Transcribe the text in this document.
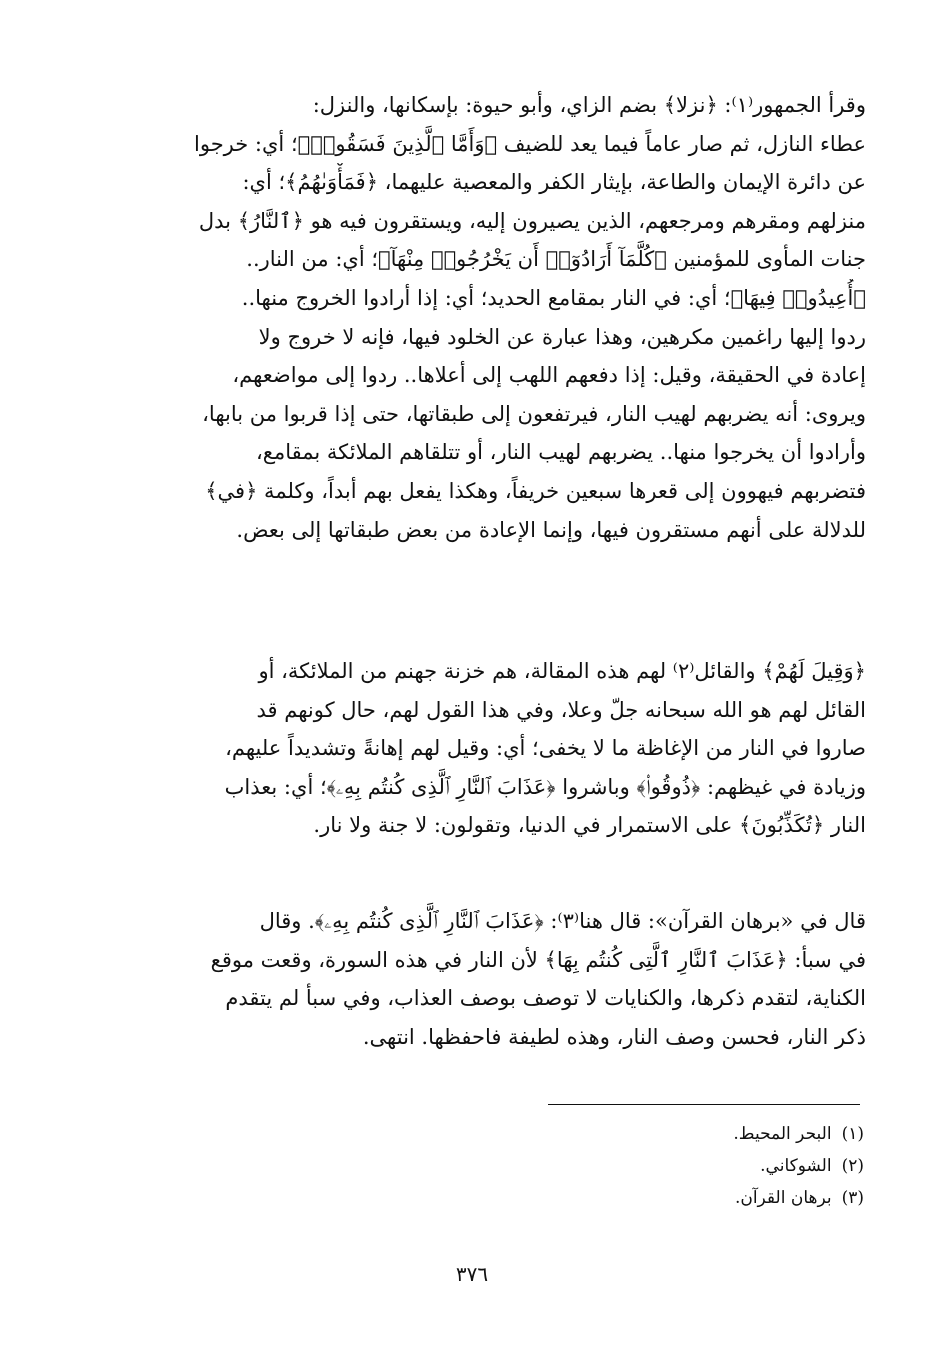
وقرأ الجمهور⁽١⁾: ﴿نزلا﴾ بضم الزاي، وأبو حيوة: بإسكانها، والنزل:
عطاء النازل، ثم صار عاماً فيما يعد للضيف ﴿وَأَمَّا ٱلَّذِينَ فَسَقُوا۟﴾؛ أي: خرجوا
عن دائرة الإيمان والطاعة، بإيثار الكفر والمعصية عليهما، ﴿فَمَأْوَىٰهُمُ﴾؛ أي:
منزلهم ومقرهم ومرجعهم، الذين يصيرون إليه، ويستقرون فيه هو ﴿ٱلنَّارُ﴾ بدل
جنات المأوى للمؤمنين ﴿كُلَّمَآ أَرَادُوٓا۟ أَن يَخْرُجُوا۟ مِنْهَآ﴾؛ أي: من النار..
﴿أُعِيدُوا۟ فِيهَا﴾؛ أي: في النار بمقامع الحديد؛ أي: إذا أرادوا الخروج منها..
ردوا إليها راغمين مكرهين، وهذا عبارة عن الخلود فيها، فإنه لا خروج ولا
إعادة في الحقيقة، وقيل: إذا دفعهم اللهب إلى أعلاها.. ردوا إلى مواضعهم،
ويروى: أنه يضربهم لهيب النار، فيرتفعون إلى طبقاتها، حتى إذا قربوا من بابها،
وأرادوا أن يخرجوا منها.. يضربهم لهيب النار، أو تتلقاهم الملائكة بمقامع،
فتضربهم فيهوون إلى قعرها سبعين خريفاً، وهكذا يفعل بهم أبداً، وكلمة ﴿في﴾
للدلالة على أنهم مستقرون فيها، وإنما الإعادة من بعض طبقاتها إلى بعض.
﴿وَقِيلَ لَهُمْ﴾ والقائل⁽٢⁾ لهم هذه المقالة، هم خزنة جهنم من الملائكة، أو
القائل لهم هو الله سبحانه جلّ وعلا، وفي هذا القول لهم، حال كونهم قد
صاروا في النار من الإغاظة ما لا يخفى؛ أي: وقيل لهم إهانةً وتشديداً عليهم،
وزيادة في غيظهم: ﴿ذُوقُوا۟﴾ وباشروا ﴿عَذَابَ ٱلنَّارِ ٱلَّذِى كُنتُم بِهِۦ﴾؛ أي: بعذاب
النار ﴿تُكَذِّبُونَ﴾ على الاستمرار في الدنيا، وتقولون: لا جنة ولا نار.
قال في «برهان القرآن»: قال هنا⁽٣⁾: ﴿عَذَابَ ٱلنَّارِ ٱلَّذِى كُنتُم بِهِۦ﴾. وقال
في سبأ: ﴿عَذَابَ ٱلنَّارِ ٱلَّتِى كُنتُم بِهَا﴾ لأن النار في هذه السورة، وقعت موقع
الكناية، لتقدم ذكرها، والكنايات لا توصف بوصف العذاب، وفي سبأ لم يتقدم
ذكر النار، فحسن وصف النار، وهذه لطيفة فاحفظها. انتهى.
(١)البحر المحيط.
(٢)الشوكاني.
(٣)برهان القرآن.
٣٧٦
